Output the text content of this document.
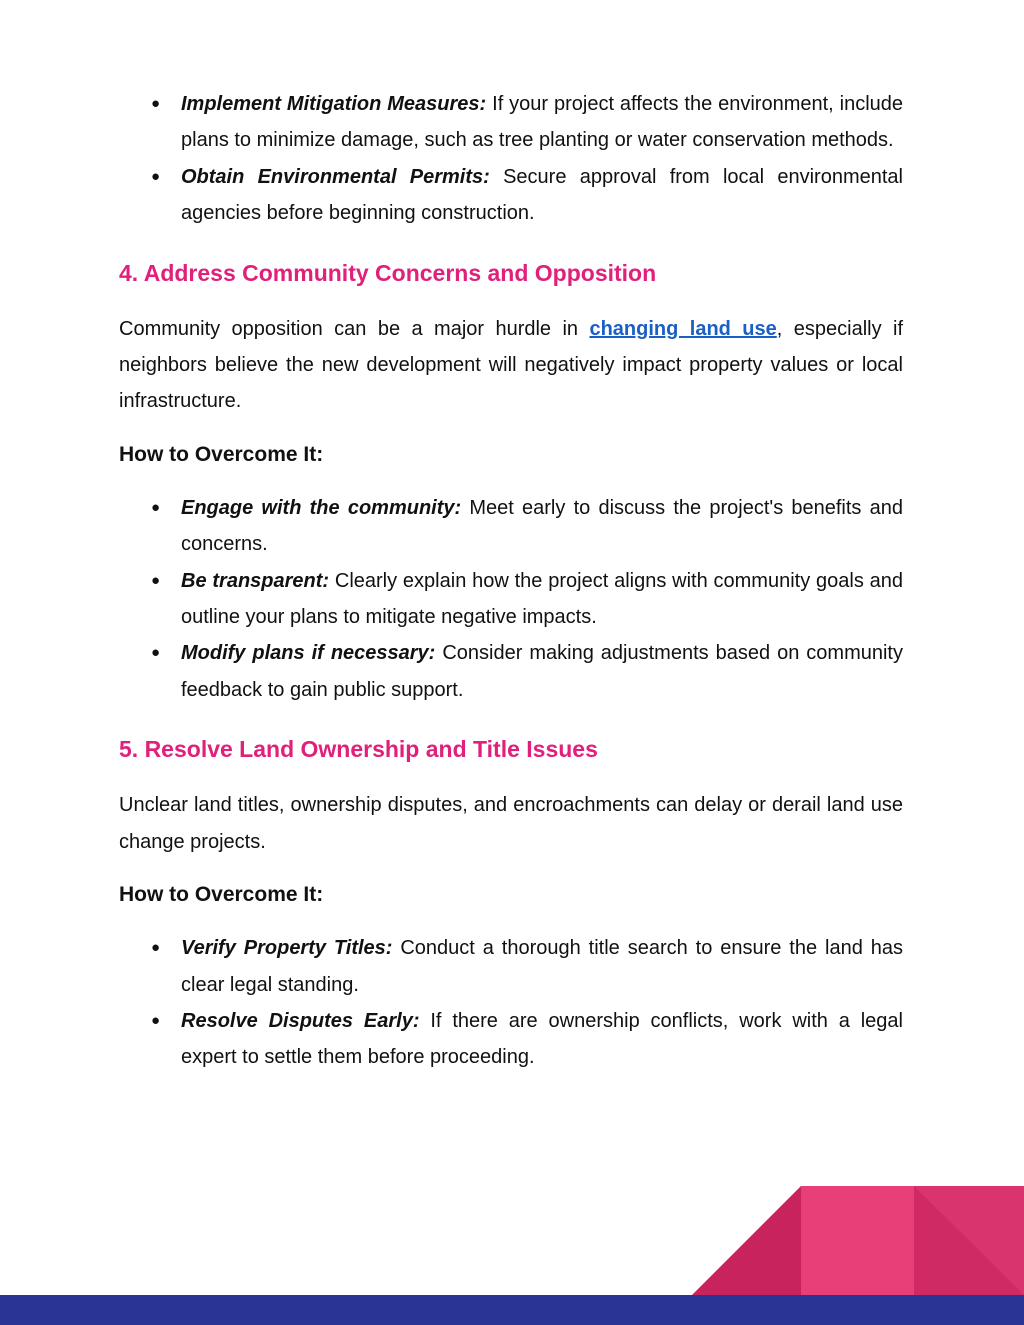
● Implement Mitigation Measures: If your project affects the environment, include plans to minimize damage, such as tree planting or water conservation methods.
● Obtain Environmental Permits: Secure approval from local environmental agencies before beginning construction.
4. Address Community Concerns and Opposition

Community opposition can be a major hurdle in changing land use, especially if neighbors believe the new development will negatively impact property values or local infrastructure.

How to Overcome It:
● Engage with the community: Meet early to discuss the project's benefits and concerns.
● Be transparent: Clearly explain how the project aligns with community goals and outline your plans to mitigate negative impacts.
● Modify plans if necessary: Consider making adjustments based on community feedback to gain public support.
5. Resolve Land Ownership and Title Issues

Unclear land titles, ownership disputes, and encroachments can delay or derail land use change projects.

How to Overcome It:
● Verify Property Titles: Conduct a thorough title search to ensure the land has clear legal standing.
● Resolve Disputes Early: If there are ownership conflicts, work with a legal expert to settle them before proceeding.
